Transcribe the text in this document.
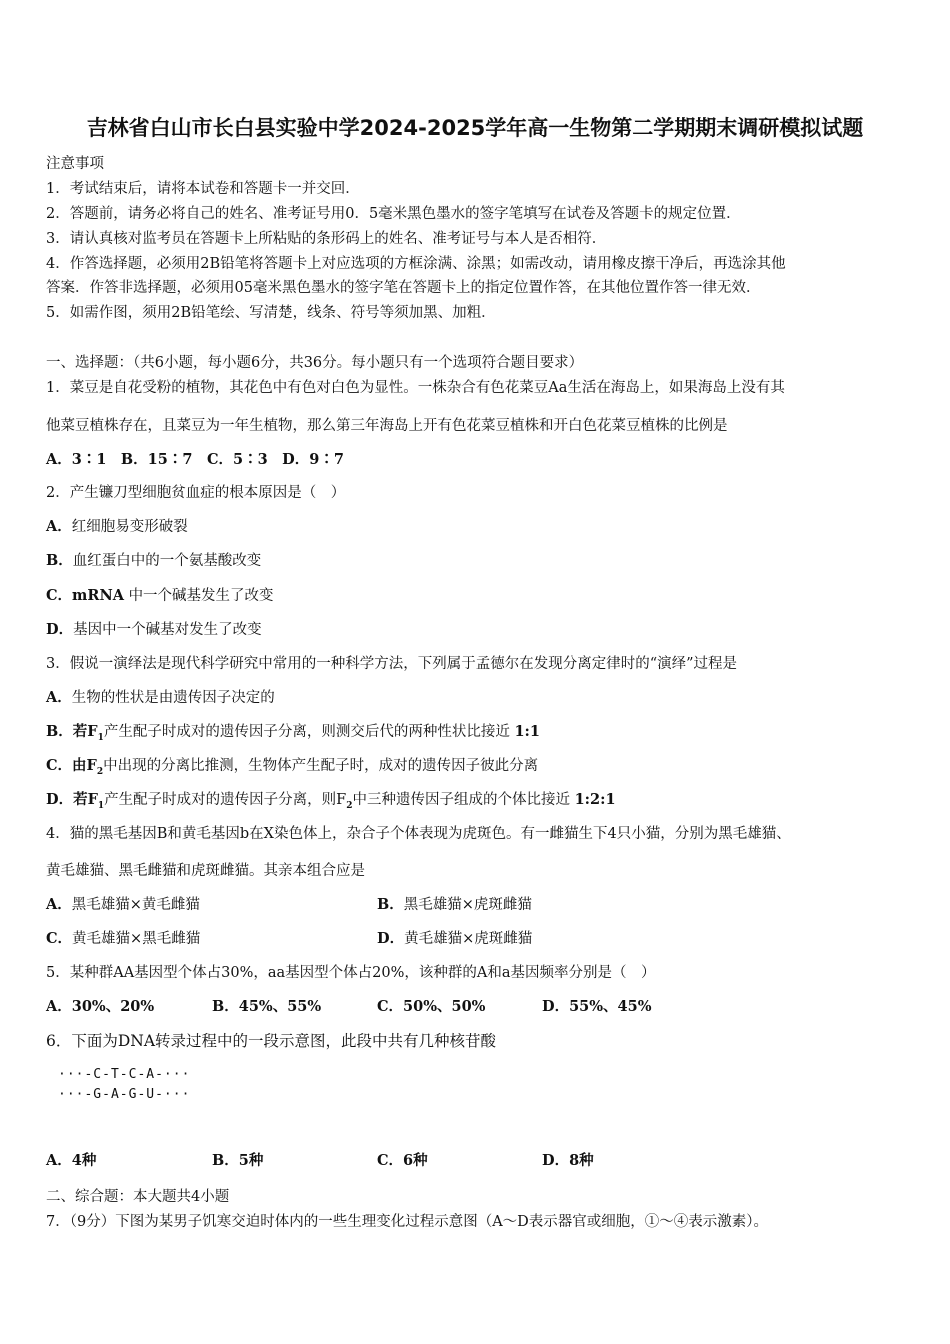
吉林省白山市长白县实验中学2024-2025学年高一生物第二学期期末调研模拟试题
注意事项
1．考试结束后，请将本试卷和答题卡一并交回．
2．答题前，请务必将自己的姓名、准考证号用0．5毫米黑色墨水的签字笔填写在试卷及答题卡的规定位置．
3．请认真核对监考员在答题卡上所粘贴的条形码上的姓名、准考证号与本人是否相符．
4．作答选择题，必须用2B铅笔将答题卡上对应选项的方框涂满、涂黑；如需改动，请用橡皮擦干净后，再选涂其他
答案．作答非选择题，必须用05毫米黑色墨水的签字笔在答题卡上的指定位置作答，在其他位置作答一律无效．
5．如需作图，须用2B铅笔绘、写清楚，线条、符号等须加黑、加粗．
一、选择题：（共6小题，每小题6分，共36分。每小题只有一个选项符合题目要求）
1．菜豆是自花受粉的植物，其花色中有色对白色为显性。一株杂合有色花菜豆Aa生活在海岛上，如果海岛上没有其
他菜豆植株存在，且菜豆为一年生植物，那么第三年海岛上开有色花菜豆植株和开白色花菜豆植株的比例是
A．3∶1　B．15∶7　C．5∶3　D．9∶7
2．产生镰刀型细胞贫血症的根本原因是（　）
A．红细胞易变形破裂
B．血红蛋白中的一个氨基酸改变
C．mRNA 中一个碱基发生了改变
D．基因中一个碱基对发生了改变
3．假说一演绎法是现代科学研究中常用的一种科学方法，下列属于孟德尔在发现分离定律时的“演绎”过程是
A．生物的性状是由遗传因子决定的
B．若$F_1$产生配子时成对的遗传因子分离，则测交后代的两种性状比接近 1:1
C．由$F_2$中出现的分离比推测，生物体产生配子时，成对的遗传因子彼此分离
D．若$F_1$产生配子时成对的遗传因子分离，则$F_2$中三种遗传因子组成的个体比接近 1:2:1
4．猫的黑毛基因B和黄毛基因b在X染色体上，杂合子个体表现为虎斑色。有一雌猫生下4只小猫，分别为黑毛雄猫、
黄毛雄猫、黑毛雌猫和虎斑雌猫。其亲本组合应是
A．黑毛雄猫×黄毛雌猫	B．黑毛雄猫×虎斑雌猫
C．黄毛雄猫×黑毛雌猫	D．黄毛雄猫×虎斑雌猫
5．某种群AA基因型个体占30%，aa基因型个体占20%，该种群的A和a基因频率分别是（　）
A．30%、20%	B．45%、55%	C．50%、50%	D．55%、45%
6．下面为DNA转录过程中的一段示意图，此段中共有几种核苷酸
···-C-T-C-A-···
···-G-A-G-U-···
A．4种	B．5种	C．6种	D．8种
二、综合题：本大题共4小题
7．（9分）下图为某男子饥寒交迫时体内的一些生理变化过程示意图（A～D表示器官或细胞，①～④表示激素）。
